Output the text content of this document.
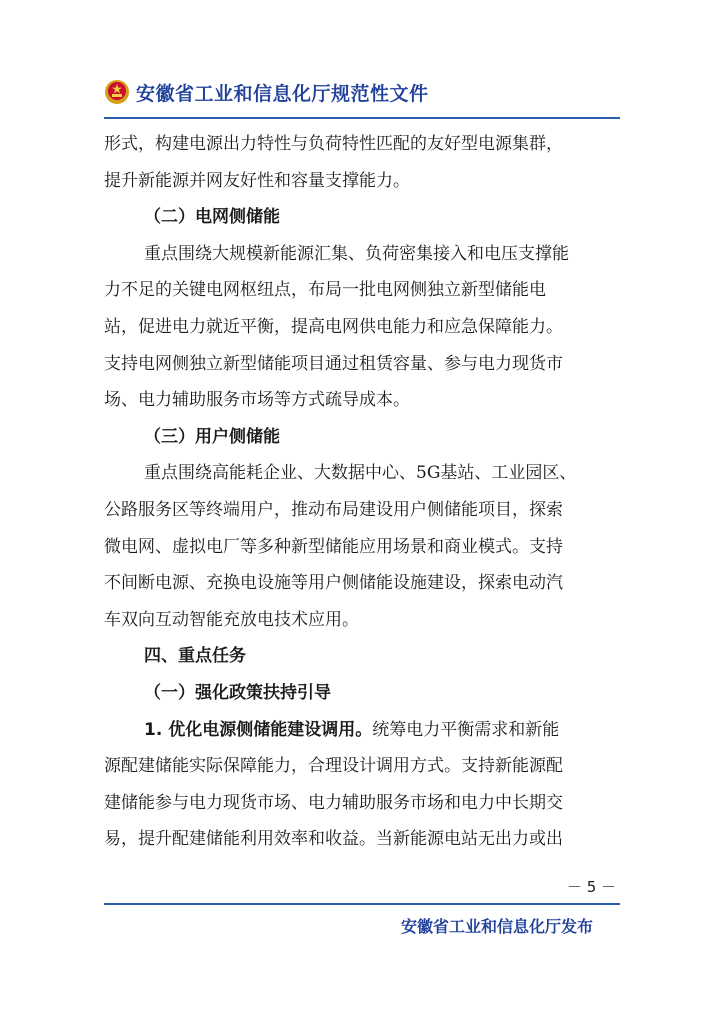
安徽省工业和信息化厅规范性文件
形式，构建电源出力特性与负荷特性匹配的友好型电源集群，
提升新能源并网友好性和容量支撑能力。
（二）电网侧储能
重点围绕大规模新能源汇集、负荷密集接入和电压支撑能
力不足的关键电网枢纽点，布局一批电网侧独立新型储能电
站，促进电力就近平衡，提高电网供电能力和应急保障能力。
支持电网侧独立新型储能项目通过租赁容量、参与电力现货市
场、电力辅助服务市场等方式疏导成本。
（三）用户侧储能
重点围绕高能耗企业、大数据中心、5G基站、工业园区、
公路服务区等终端用户，推动布局建设用户侧储能项目，探索
微电网、虚拟电厂等多种新型储能应用场景和商业模式。支持
不间断电源、充换电设施等用户侧储能设施建设，探索电动汽
车双向互动智能充放电技术应用。
四、重点任务
（一）强化政策扶持引导
1. 优化电源侧储能建设调用。统筹电力平衡需求和新能
源配建储能实际保障能力，合理设计调用方式。支持新能源配
建储能参与电力现货市场、电力辅助服务市场和电力中长期交
易，提升配建储能利用效率和收益。当新能源电站无出力或出
－ 5 －
安徽省工业和信息化厅发布
